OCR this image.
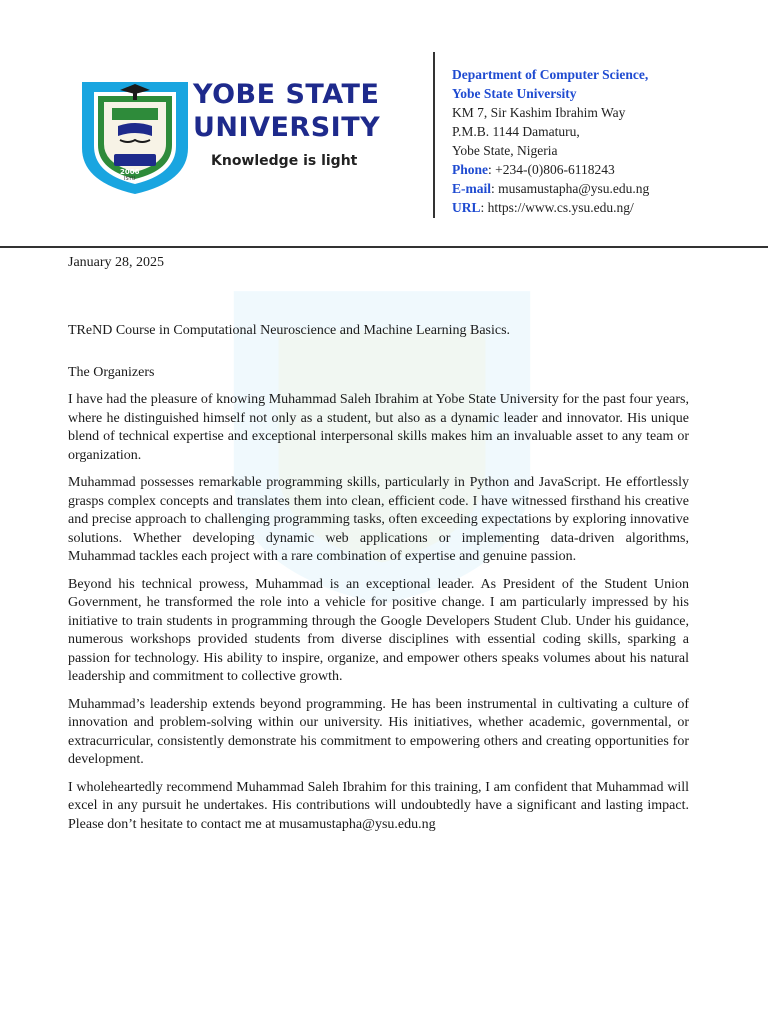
2006
ISYU
YOBE STATE
UNIVERSITY
Knowledge is light
Department of Computer Science,
Yobe State University
KM 7, Sir Kashim Ibrahim Way
P.M.B. 1144 Damaturu,
Yobe State, Nigeria
Phone: +234-(0)806-6118243
E-mail: musamustapha@ysu.edu.ng
URL: https://www.cs.ysu.edu.ng/

January 28, 2025

TReND Course in Computational Neuroscience and Machine Learning Basics.

The Organizers

I have had the pleasure of knowing Muhammad Saleh Ibrahim at Yobe State University for the past four years, where he distinguished himself not only as a student, but also as a dynamic leader and innovator. His unique blend of technical expertise and exceptional interpersonal skills makes him an invaluable asset to any team or organization.

Muhammad possesses remarkable programming skills, particularly in Python and JavaScript. He effortlessly grasps complex concepts and translates them into clean, efficient code. I have witnessed firsthand his creative and precise approach to challenging programming tasks, often exceeding expectations by exploring innovative solutions. Whether developing dynamic web applications or implementing data-driven algorithms, Muhammad tackles each project with a rare combination of expertise and genuine passion.

Beyond his technical prowess, Muhammad is an exceptional leader. As President of the Student Union Government, he transformed the role into a vehicle for positive change. I am particularly impressed by his initiative to train students in programming through the Google Developers Student Club. Under his guidance, numerous workshops provided students from diverse disciplines with essential coding skills, sparking a passion for technology. His ability to inspire, organize, and empower others speaks volumes about his natural leadership and commitment to collective growth.

Muhammad’s leadership extends beyond programming. He has been instrumental in cultivating a culture of innovation and problem-solving within our university. His initiatives, whether academic, governmental, or extracurricular, consistently demonstrate his commitment to empowering others and creating opportunities for development.

I wholeheartedly recommend Muhammad Saleh Ibrahim for this training, I am confident that Muhammad will excel in any pursuit he undertakes. His contributions will undoubtedly have a significant and lasting impact. Please don’t hesitate to contact me at musamustapha@ysu.edu.ng
